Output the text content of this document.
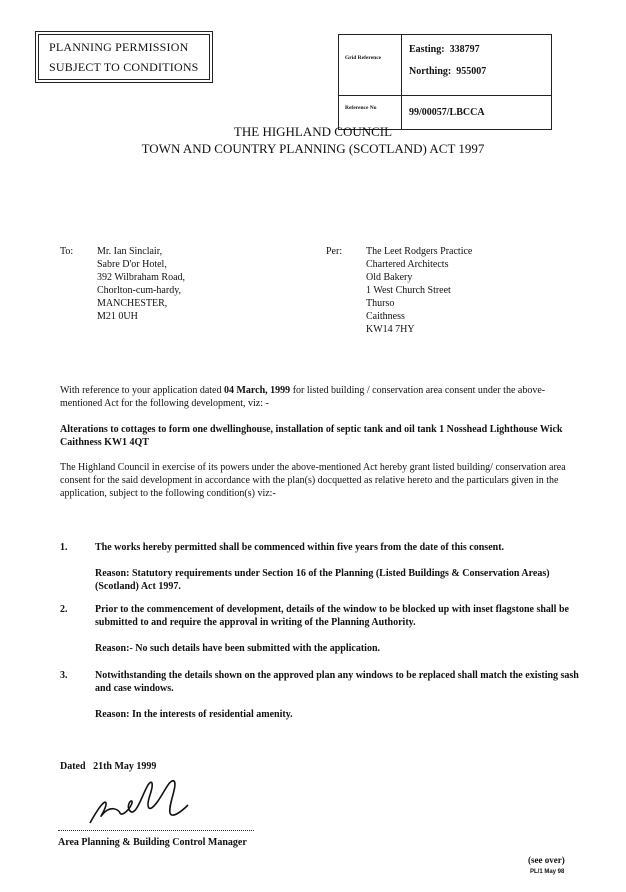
PLANNING PERMISSION
SUBJECT TO CONDITIONS
Grid Reference
Easting: 338797
Northing: 955007
Reference No	99/00057/LBCCA
THE HIGHLAND COUNCIL
TOWN AND COUNTRY PLANNING (SCOTLAND) ACT 1997
To: Mr. Ian Sinclair,
Sabre D'or Hotel,
392 Wilbraham Road,
Chorlton-cum-hardy,
MANCHESTER,
M21 0UH
Per: The Leet Rodgers Practice
Chartered Architects
Old Bakery
1 West Church Street
Thurso
Caithness
KW14 7HY
With reference to your application dated 04 March, 1999 for listed building / conservation area consent under the above-mentioned Act for the following development, viz: -
Alterations to cottages to form one dwellinghouse, installation of septic tank and oil tank 1 Nosshead Lighthouse Wick Caithness KW1 4QT
The Highland Council in exercise of its powers under the above-mentioned Act hereby grant listed building/ conservation area consent for the said development in accordance with the plan(s) docquetted as relative hereto and the particulars given in the application, subject to the following condition(s) viz:-
1.	The works hereby permitted shall be commenced within five years from the date of this consent.
Reason: Statutory requirements under Section 16 of the Planning (Listed Buildings & Conservation Areas) (Scotland) Act 1997.
2.	Prior to the commencement of development, details of the window to be blocked up with inset flagstone shall be submitted to and require the approval in writing of the Planning Authority.
Reason:- No such details have been submitted with the application.
3.	Notwithstanding the details shown on the approved plan any windows to be replaced shall match the existing sash and case windows.
Reason: In the interests of residential amenity.
Dated 21th May 1999
Area Planning & Building Control Manager
(see over)
PL/1 May 98
